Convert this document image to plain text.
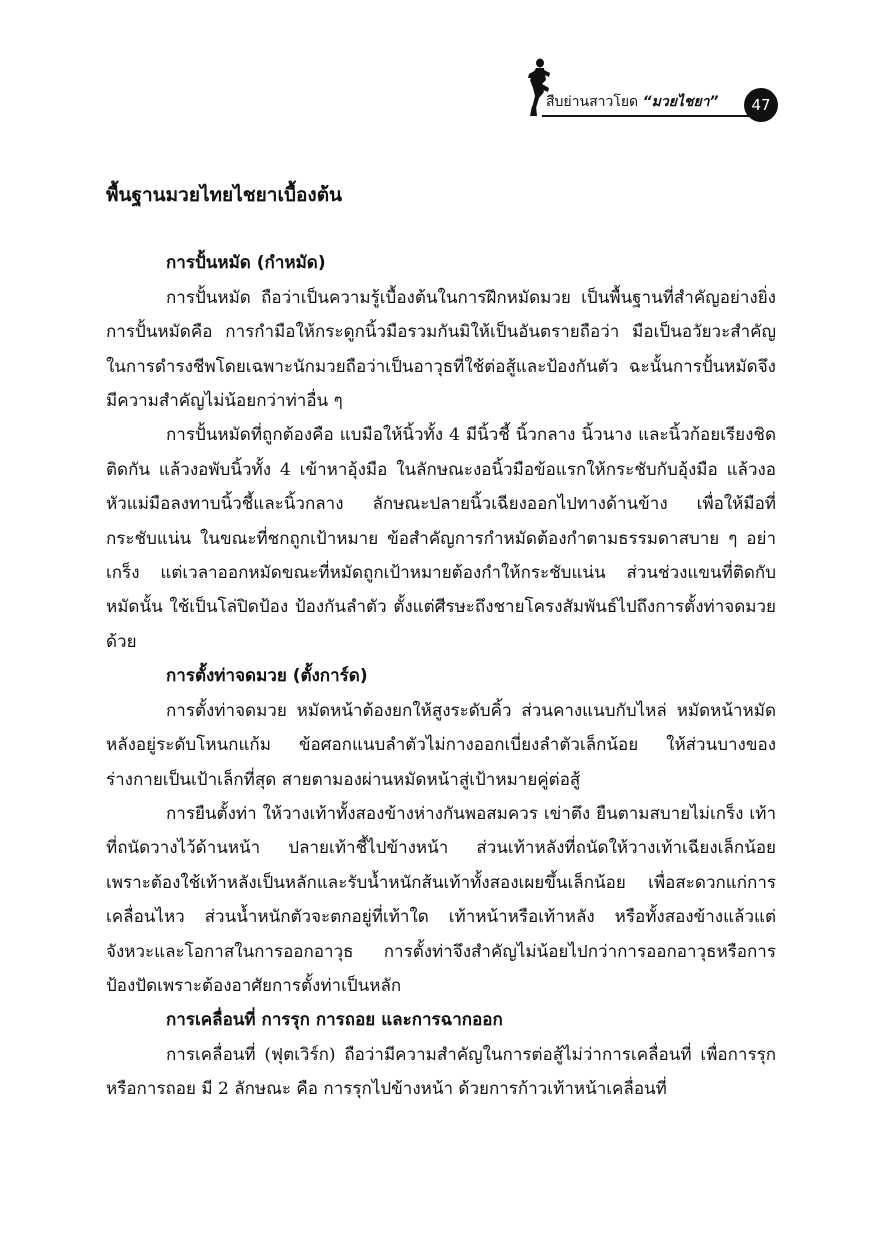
สืบย่านสาวโยด “มวยไชยา”	47
พื้นฐานมวยไทยไชยาเบื้องต้น
การปั้นหมัด (กำหมัด)

การปั้นหมัด ถือว่าเป็นความรู้เบื้องต้นในการฝึกหมัดมวย เป็นพื้นฐานที่สำคัญอย่างยิ่ง การปั้นหมัดคือ การกำมือให้กระดูกนิ้วมือรวมกันมิให้เป็นอันตรายถือว่า มือเป็นอวัยวะสำคัญในการดำรงชีพโดยเฉพาะนักมวยถือว่าเป็นอาวุธที่ใช้ต่อสู้และป้องกันตัว ฉะนั้นการปั้นหมัดจึงมีความสำคัญไม่น้อยกว่าท่าอื่น ๆ

การปั้นหมัดที่ถูกต้องคือ แบมือให้นิ้วทั้ง 4 มีนิ้วชี้ นิ้วกลาง นิ้วนาง และนิ้วก้อยเรียงชิดติดกัน แล้วงอพับนิ้วทั้ง 4 เข้าหาอุ้งมือ ในลักษณะงอนิ้วมือข้อแรกให้กระชับกับอุ้งมือ แล้วงอหัวแม่มือลงทาบนิ้วชี้และนิ้วกลาง ลักษณะปลายนิ้วเฉียงออกไปทางด้านข้าง เพื่อให้มือที่กระชับแน่น ในขณะที่ชกถูกเป้าหมาย ข้อสำคัญการกำหมัดต้องกำตามธรรมดาสบาย ๆ อย่าเกร็ง แต่เวลาออกหมัดขณะที่หมัดถูกเป้าหมายต้องกำให้กระชับแน่น ส่วนช่วงแขนที่ติดกับหมัดนั้น ใช้เป็นโล่ปิดป้อง ป้องกันลำตัว ตั้งแต่ศีรษะถึงชายโครงสัมพันธ์ไปถึงการตั้งท่าจดมวยด้วย

การตั้งท่าจดมวย (ตั้งการ์ด)

การตั้งท่าจดมวย หมัดหน้าต้องยกให้สูงระดับคิ้ว ส่วนคางแนบกับไหล่ หมัดหน้าหมัดหลังอยู่ระดับโหนกแก้ม ข้อศอกแนบลำตัวไม่กางออกเบี่ยงลำตัวเล็กน้อย ให้ส่วนบางของร่างกายเป็นเป้าเล็กที่สุด สายตามองผ่านหมัดหน้าสู่เป้าหมายคู่ต่อสู้

การยืนตั้งท่า ให้วางเท้าทั้งสองข้างห่างกันพอสมควร เข่าตึง ยืนตามสบายไม่เกร็ง เท้าที่ถนัดวางไว้ด้านหน้า ปลายเท้าชี้ไปข้างหน้า ส่วนเท้าหลังที่ถนัดให้วางเท้าเฉียงเล็กน้อย เพราะต้องใช้เท้าหลังเป็นหลักและรับน้ำหนักส้นเท้าทั้งสองเผยขึ้นเล็กน้อย เพื่อสะดวกแก่การเคลื่อนไหว ส่วนน้ำหนักตัวจะตกอยู่ที่เท้าใด เท้าหน้าหรือเท้าหลัง หรือทั้งสองข้างแล้วแต่จังหวะและโอกาสในการออกอาวุธ การตั้งท่าจึงสำคัญไม่น้อยไปกว่าการออกอาวุธหรือการป้องปัดเพราะต้องอาศัยการตั้งท่าเป็นหลัก

การเคลื่อนที่ การรุก การถอย และการฉากออก

การเคลื่อนที่ (ฟุตเวิร์ก) ถือว่ามีความสำคัญในการต่อสู้ไม่ว่าการเคลื่อนที่ เพื่อการรุกหรือการถอย มี 2 ลักษณะ คือ การรุกไปข้างหน้า ด้วยการก้าวเท้าหน้าเคลื่อนที่
